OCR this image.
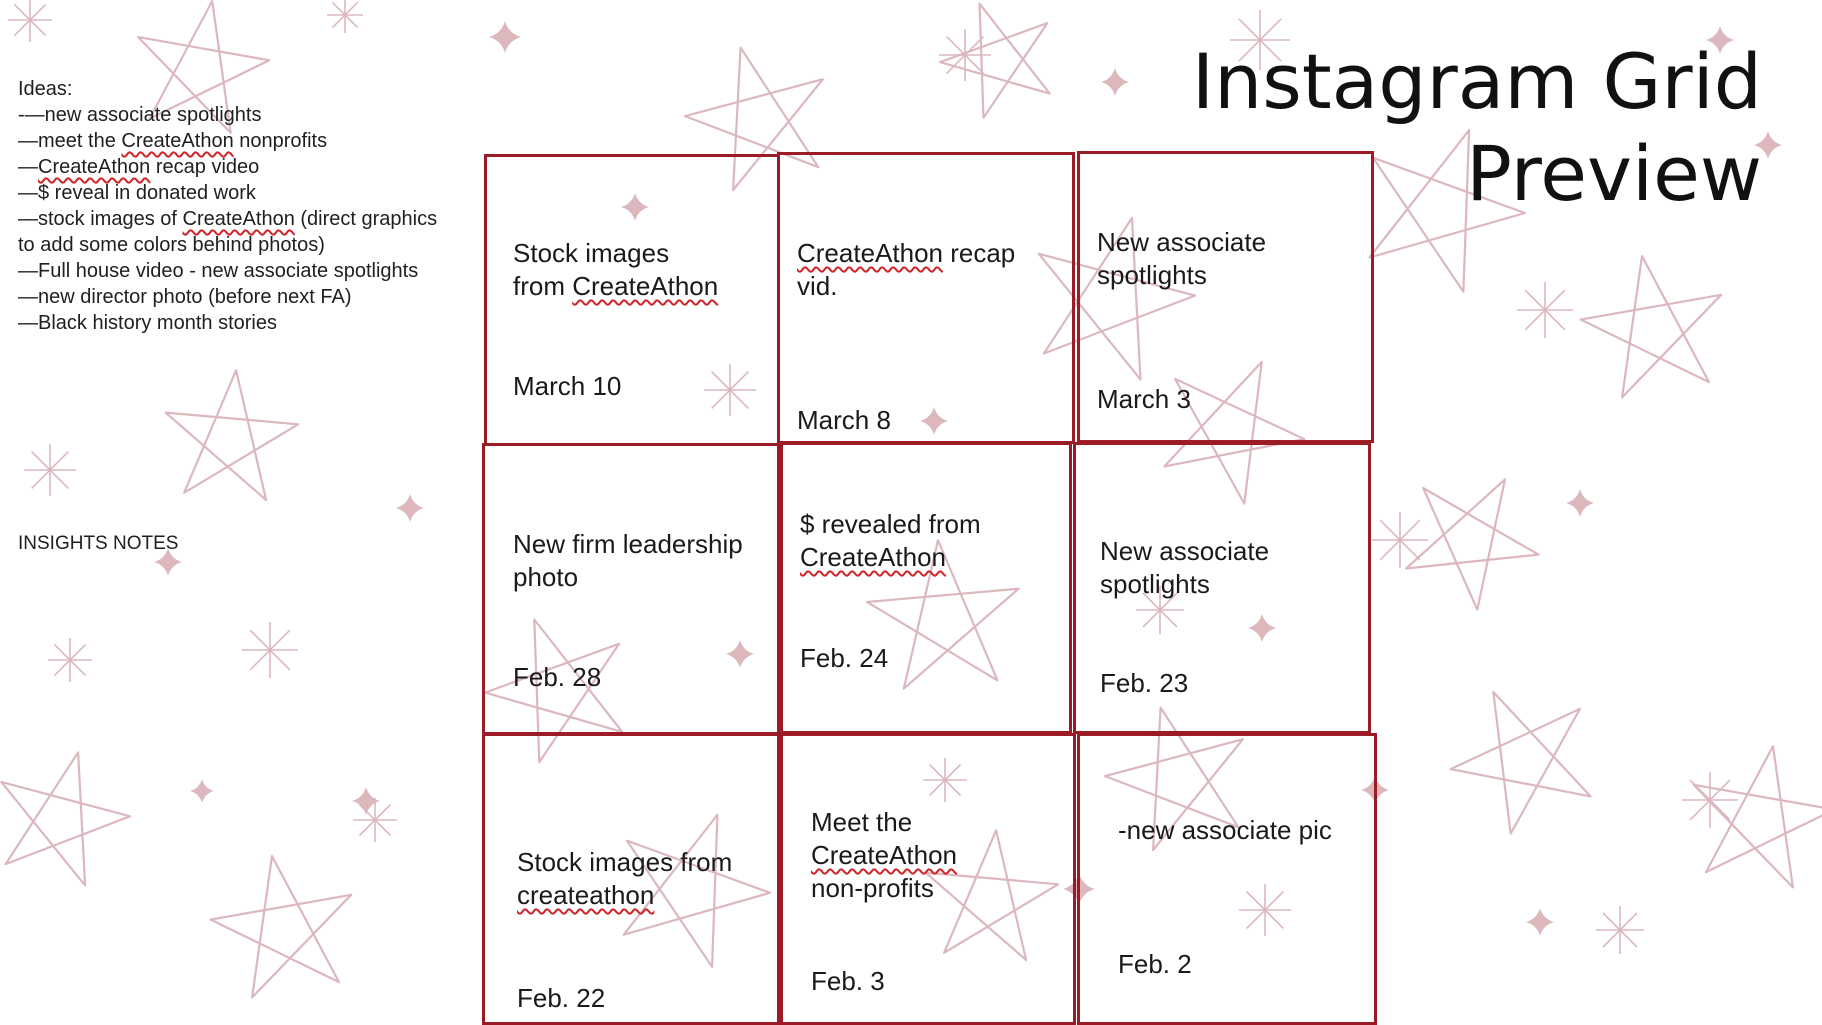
Instagram Grid Preview
Ideas:
-—new associate spotlights
—meet the CreateAthon nonprofits
—CreateAthon recap video
—$ reveal in donated work
—stock images of CreateAthon (direct graphics to add some colors behind photos)
—Full house video - new associate spotlights
—new director photo (before next FA)
—Black history month stories
INSIGHTS NOTES
Stock images
from CreateAthon
March 10
CreateAthon recap
vid.
March 8
New associate spotlights
March 3
New firm leadership photo
Feb. 28
$ revealed from
CreateAthon
Feb. 24
New associate spotlights
Feb. 23
Stock images from
createathon
Feb. 22
Meet the
CreateAthon
non-profits
Feb. 3
-new associate pic
Feb. 2
